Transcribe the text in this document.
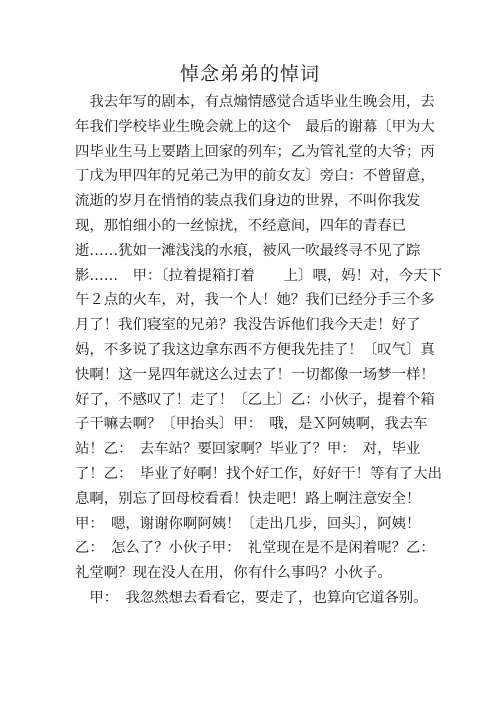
悼念弟弟的悼词
　我去年写的剧本，有点煽情感觉合适毕业生晚会用，去
年我们学校毕业生晚会就上的这个　最后的谢幕〔甲为大
四毕业生马上要踏上回家的列车；乙为管礼堂的大爷；丙
丁戊为甲四年的兄弟己为甲的前女友〕旁白：不曾留意，
流逝的岁月在悄悄的装点我们身边的世界，不叫你我发
现，那怕细小的一丝惊扰，不经意间，四年的青春已
逝……犹如一滩浅浅的水痕，被风一吹最终寻不见了踪
影……　甲：〔拉着提箱打着　　上〕喂，妈！对，今天下
午２点的火车，对，我一个人！她？我们已经分手三个多
月了！我们寝室的兄弟？我没告诉他们我今天走！好了
妈，不多说了我这边拿东西不方便我先挂了！〔叹气〕真
快啊！这一晃四年就这么过去了！一切都像一场梦一样！
好了，不感叹了！走了！〔乙上〕乙：小伙子，提着个箱
子干嘛去啊？〔甲抬头〕甲：　哦，是Ｘ阿姨啊，我去车
站！乙：　去车站？要回家啊？毕业了？甲：　对，毕业
了！乙：　毕业了好啊！找个好工作，好好干！等有了大出
息啊，别忘了回母校看看！快走吧！路上啊注意安全！
甲：　嗯，谢谢你啊阿姨！〔走出几步，回头〕，阿姨！
乙：　怎么了？小伙子甲：　礼堂现在是不是闲着呢？乙：
礼堂啊？现在没人在用，你有什么事吗？小伙子。
　甲：　我忽然想去看看它，要走了，也算向它道各别。
